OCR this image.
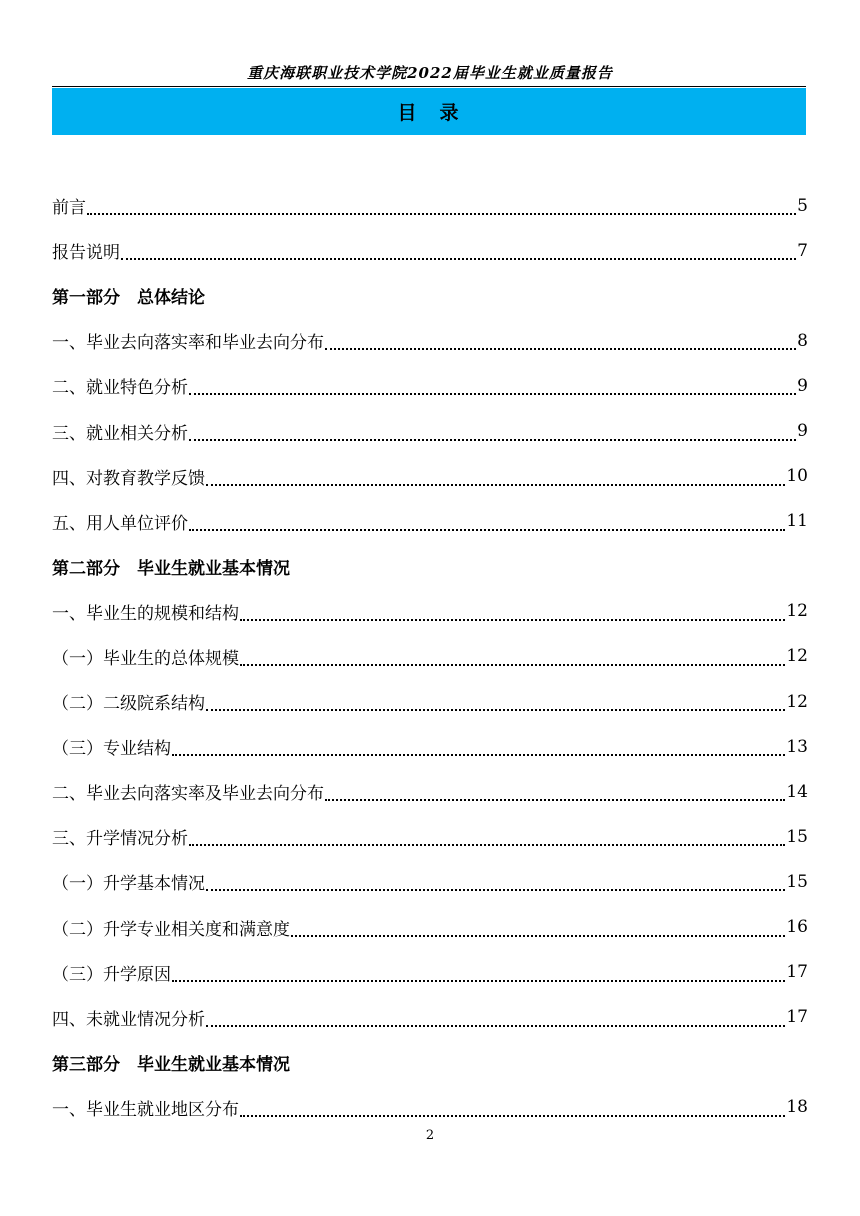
重庆海联职业技术学院2022届毕业生就业质量报告
目　录
前言	5
报告说明	7
第一部分　总体结论
一、毕业去向落实率和毕业去向分布	8
二、就业特色分析	9
三、就业相关分析	9
四、对教育教学反馈	10
五、用人单位评价	11
第二部分　毕业生就业基本情况
一、毕业生的规模和结构	12
（一）毕业生的总体规模	12
（二）二级院系结构	12
（三）专业结构	13
二、毕业去向落实率及毕业去向分布	14
三、升学情况分析	15
（一）升学基本情况	15
（二）升学专业相关度和满意度	16
（三）升学原因	17
四、未就业情况分析	17
第三部分　毕业生就业基本情况
一、毕业生就业地区分布	18
2
